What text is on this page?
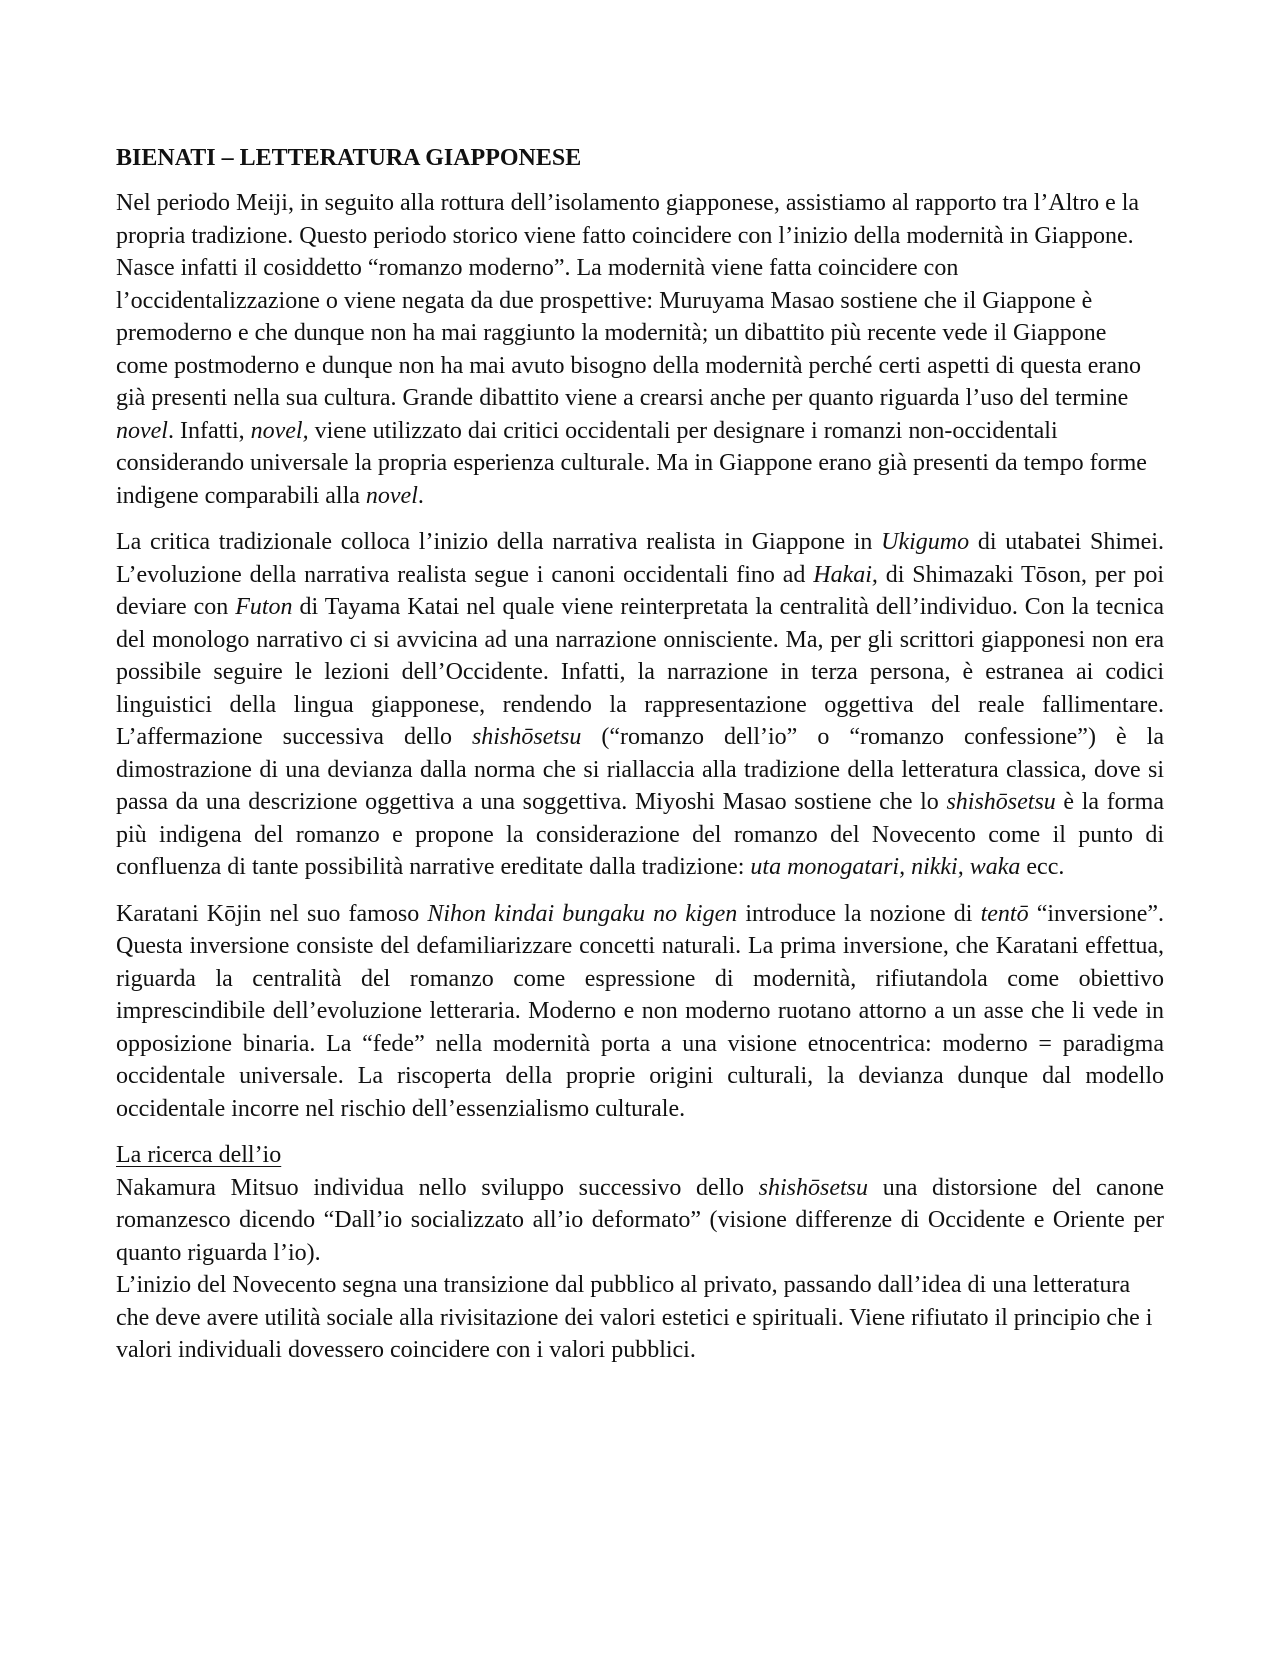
BIENATI – LETTERATURA GIAPPONESE

Nel periodo Meiji, in seguito alla rottura dell’isolamento giapponese, assistiamo al rapporto tra l’Altro e la propria tradizione. Questo periodo storico viene fatto coincidere con l’inizio della modernità in Giappone. Nasce infatti il cosiddetto “romanzo moderno”. La modernità viene fatta coincidere con l’occidentalizzazione o viene negata da due prospettive: Muruyama Masao sostiene che il Giappone è premoderno e che dunque non ha mai raggiunto la modernità; un dibattito più recente vede il Giappone come postmoderno e dunque non ha mai avuto bisogno della modernità perché certi aspetti di questa erano già presenti nella sua cultura. Grande dibattito viene a crearsi anche per quanto riguarda l’uso del termine novel. Infatti, novel, viene utilizzato dai critici occidentali per designare i romanzi non-occidentali considerando universale la propria esperienza culturale. Ma in Giappone erano già presenti da tempo forme indigene comparabili alla novel.

La critica tradizionale colloca l’inizio della narrativa realista in Giappone in Ukigumo di utabatei Shimei. L’evoluzione della narrativa realista segue i canoni occidentali fino ad Hakai, di Shimazaki Tōson, per poi deviare con Futon di Tayama Katai nel quale viene reinterpretata la centralità dell’individuo. Con la tecnica del monologo narrativo ci si avvicina ad una narrazione onnisciente. Ma, per gli scrittori giapponesi non era possibile seguire le lezioni dell’Occidente. Infatti, la narrazione in terza persona, è estranea ai codici linguistici della lingua giapponese, rendendo la rappresentazione oggettiva del reale fallimentare. L’affermazione successiva dello shishōsetsu (“romanzo dell’io” o “romanzo confessione”) è la dimostrazione di una devianza dalla norma che si riallaccia alla tradizione della letteratura classica, dove si passa da una descrizione oggettiva a una soggettiva. Miyoshi Masao sostiene che lo shishōsetsu è la forma più indigena del romanzo e propone la considerazione del romanzo del Novecento come il punto di confluenza di tante possibilità narrative ereditate dalla tradizione: uta monogatari, nikki, waka ecc.

Karatani Kōjin nel suo famoso Nihon kindai bungaku no kigen introduce la nozione di tentō “inversione”. Questa inversione consiste del defamiliarizzare concetti naturali. La prima inversione, che Karatani effettua, riguarda la centralità del romanzo come espressione di modernità, rifiutandola come obiettivo imprescindibile dell’evoluzione letteraria. Moderno e non moderno ruotano attorno a un asse che li vede in opposizione binaria. La “fede” nella modernità porta a una visione etnocentrica: moderno = paradigma occidentale universale. La riscoperta della proprie origini culturali, la devianza dunque dal modello occidentale incorre nel rischio dell’essenzialismo culturale.

La ricerca dell’io

Nakamura Mitsuo individua nello sviluppo successivo dello shishōsetsu una distorsione del canone romanzesco dicendo “Dall’io socializzato all’io deformato” (visione differenze di Occidente e Oriente per quanto riguarda l’io).

L’inizio del Novecento segna una transizione dal pubblico al privato, passando dall’idea di una letteratura che deve avere utilità sociale alla rivisitazione dei valori estetici e spirituali. Viene rifiutato il principio che i valori individuali dovessero coincidere con i valori pubblici.
